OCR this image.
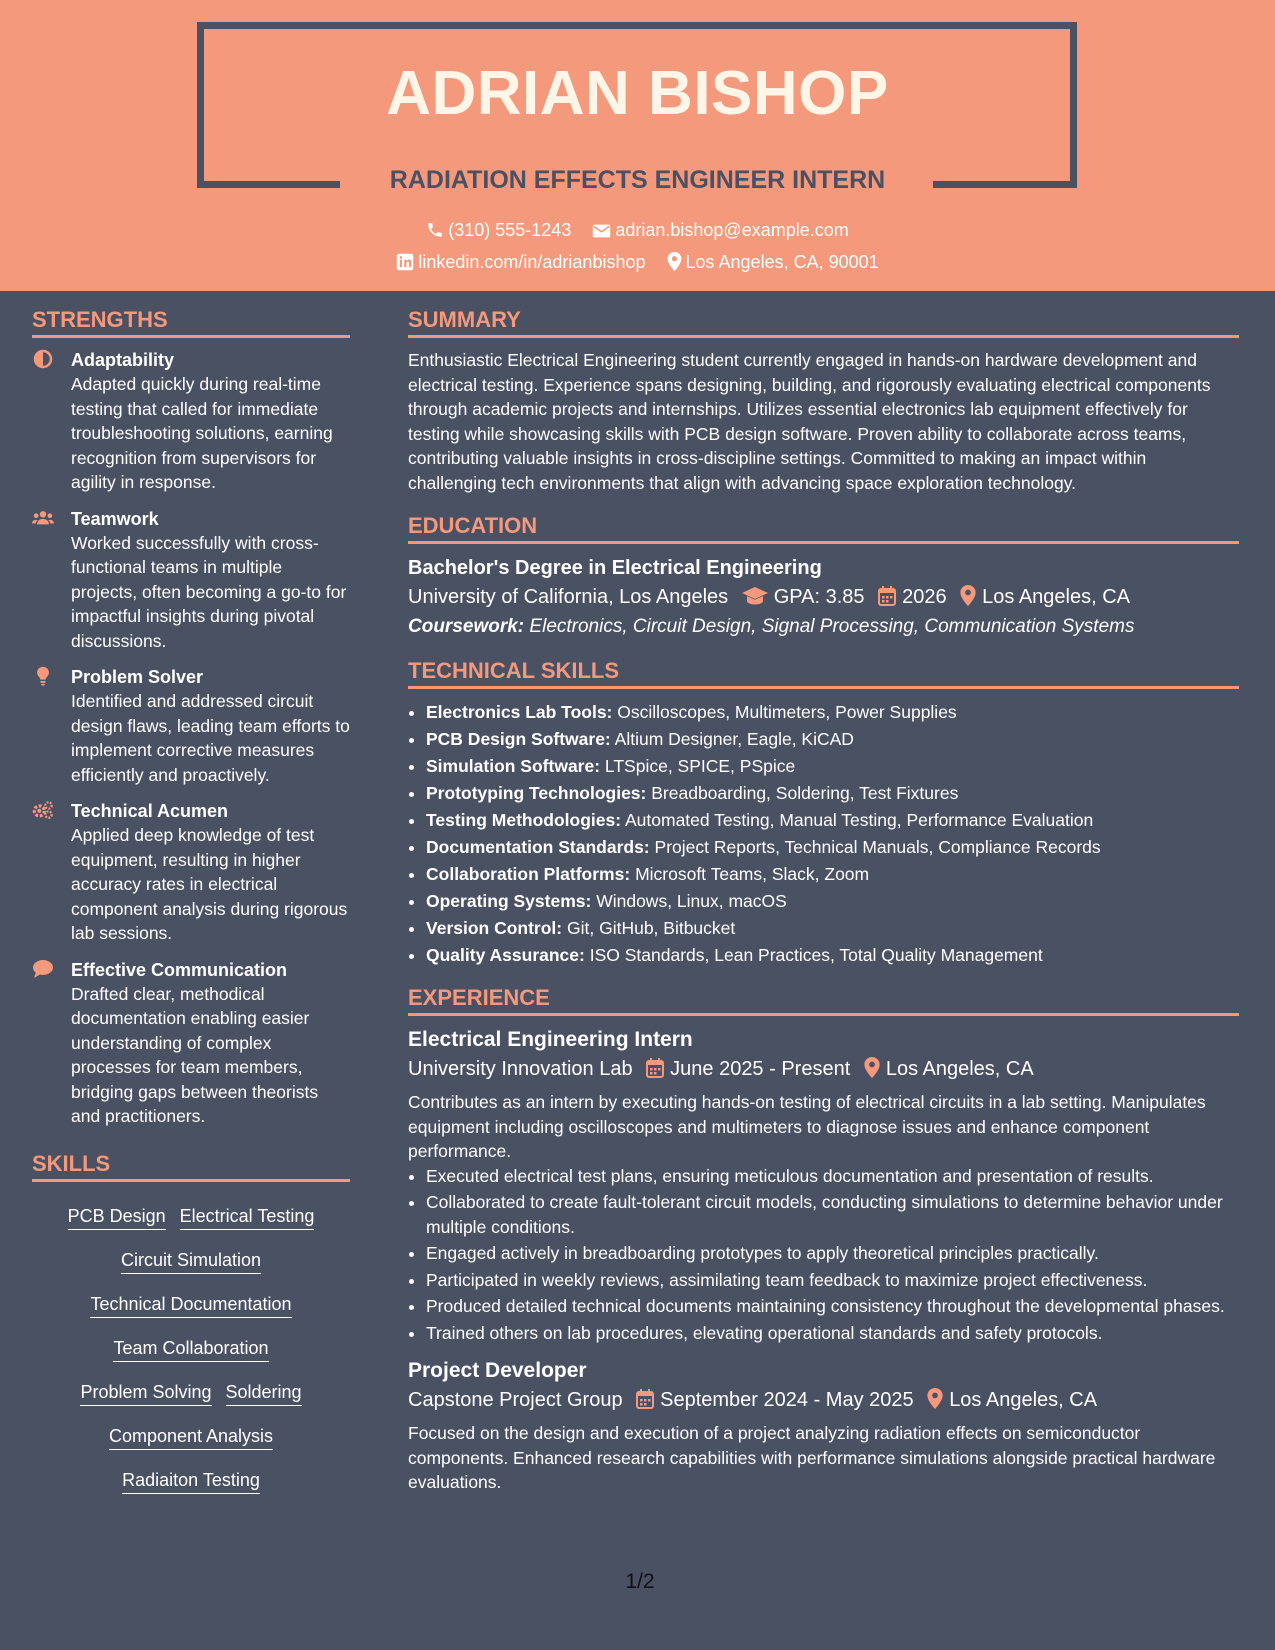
ADRIAN BISHOP
RADIATION EFFECTS ENGINEER INTERN
(310) 555-1243 adrian.bishop@example.com
linkedin.com/in/adrianbishop Los Angeles, CA, 90001
STRENGTHS
Adaptability
Adapted quickly during real-time testing that called for immediate troubleshooting solutions, earning recognition from supervisors for agility in response.
Teamwork
Worked successfully with cross-functional teams in multiple projects, often becoming a go-to for impactful insights during pivotal discussions.
Problem Solver
Identified and addressed circuit design flaws, leading team efforts to implement corrective measures efficiently and proactively.
Technical Acumen
Applied deep knowledge of test equipment, resulting in higher accuracy rates in electrical component analysis during rigorous lab sessions.
Effective Communication
Drafted clear, methodical documentation enabling easier understanding of complex processes for team members, bridging gaps between theorists and practitioners.
SKILLS
PCB Design Electrical Testing
Circuit Simulation
Technical Documentation
Team Collaboration
Problem Solving Soldering
Component Analysis
Radiaiton Testing
SUMMARY
Enthusiastic Electrical Engineering student currently engaged in hands-on hardware development and electrical testing. Experience spans designing, building, and rigorously evaluating electrical components through academic projects and internships. Utilizes essential electronics lab equipment effectively for testing while showcasing skills with PCB design software. Proven ability to collaborate across teams, contributing valuable insights in cross-discipline settings. Committed to making an impact within challenging tech environments that align with advancing space exploration technology.
EDUCATION
Bachelor's Degree in Electrical Engineering
University of California, Los Angeles GPA: 3.85 2026 Los Angeles, CA
Coursework: Electronics, Circuit Design, Signal Processing, Communication Systems
TECHNICAL SKILLS
• Electronics Lab Tools: Oscilloscopes, Multimeters, Power Supplies
• PCB Design Software: Altium Designer, Eagle, KiCAD
• Simulation Software: LTSpice, SPICE, PSpice
• Prototyping Technologies: Breadboarding, Soldering, Test Fixtures
• Testing Methodologies: Automated Testing, Manual Testing, Performance Evaluation
• Documentation Standards: Project Reports, Technical Manuals, Compliance Records
• Collaboration Platforms: Microsoft Teams, Slack, Zoom
• Operating Systems: Windows, Linux, macOS
• Version Control: Git, GitHub, Bitbucket
• Quality Assurance: ISO Standards, Lean Practices, Total Quality Management
EXPERIENCE
Electrical Engineering Intern
University Innovation Lab June 2025 - Present Los Angeles, CA
Contributes as an intern by executing hands-on testing of electrical circuits in a lab setting. Manipulates equipment including oscilloscopes and multimeters to diagnose issues and enhance component performance.
• Executed electrical test plans, ensuring meticulous documentation and presentation of results.
• Collaborated to create fault-tolerant circuit models, conducting simulations to determine behavior under multiple conditions.
• Engaged actively in breadboarding prototypes to apply theoretical principles practically.
• Participated in weekly reviews, assimilating team feedback to maximize project effectiveness.
• Produced detailed technical documents maintaining consistency throughout the developmental phases.
• Trained others on lab procedures, elevating operational standards and safety protocols.
Project Developer
Capstone Project Group September 2024 - May 2025 Los Angeles, CA
Focused on the design and execution of a project analyzing radiation effects on semiconductor components. Enhanced research capabilities with performance simulations alongside practical hardware evaluations.
1/2
